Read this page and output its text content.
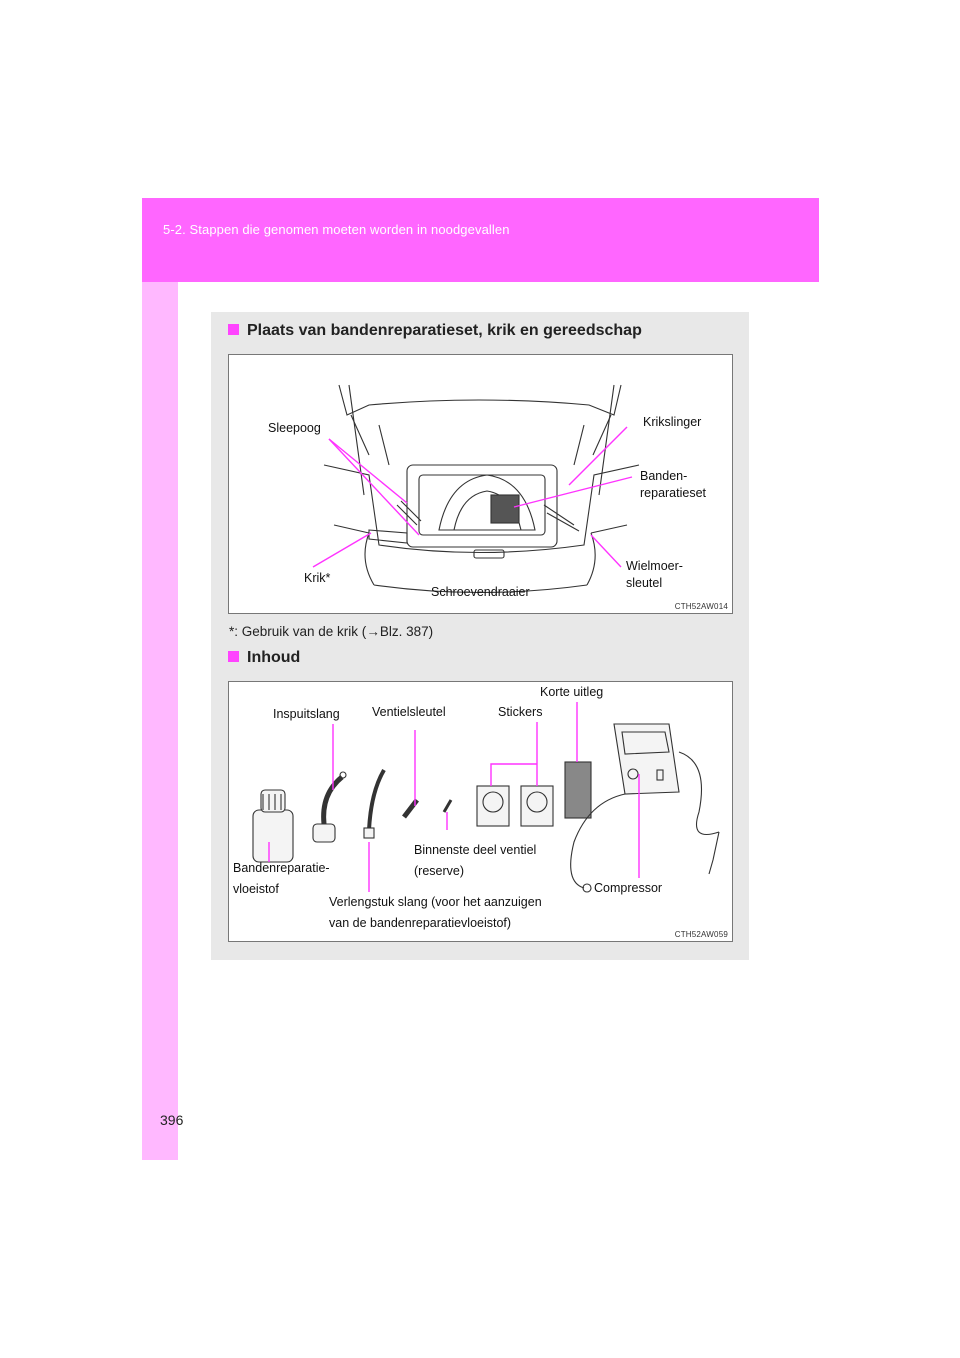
5-2. Stappen die genomen moeten worden in noodgevallen
Plaats van bandenreparatieset, krik en gereedschap
CTH52AW014
Sleepoog	Krikslinger
Banden-
reparatieset
Wielmoer-
sleutel
Krik*
Schroevendraaier
*: Gebruik van de krik (→Blz. 387)
Inhoud
CTH52AW059
Korte uitleg
Inspuitslang	Ventielsleutel	Stickers
Binnenste deel ventiel
(reserve)
Bandenreparatie-
vloeistof	Compressor
Verlengstuk slang (voor het aanzuigen
van de bandenreparatievloeistof)
396
